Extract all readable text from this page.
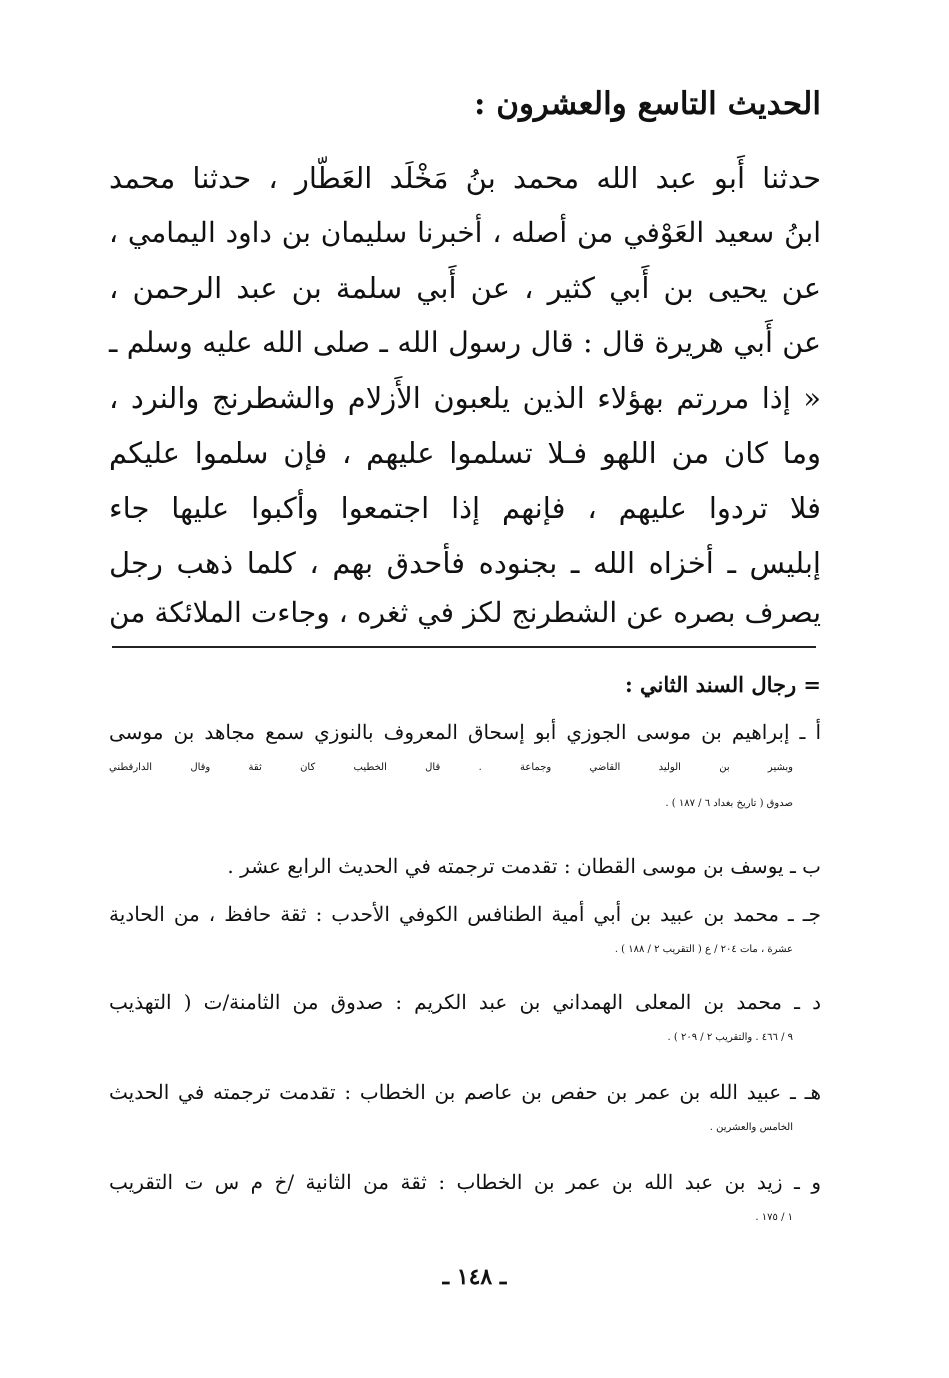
الحديث التاسع والعشرون :
حدثنا أَبو عبد الله محمد بنُ مَخْلَد العَطّار ، حدثنا محمد
ابنُ سعيد العَوْفي من أصله ، أخبرنا سليمان بن داود اليمامي ،
عن يحيى بن أَبي كثير ، عن أَبي سلمة بن عبد الرحمن ،
عن أَبي هريرة قال : قال رسول الله ـ صلى الله عليه وسلم ـ
« إذا مررتم بهؤلاء الذين يلعبون الأَزلام والشطرنج والنرد ،
وما كان من اللهو فـلا تسلموا عليهم ، فإن سلموا عليكم
فلا تردوا عليهم ، فإنهم إذا اجتمعوا وأكبوا عليها جاء
إبليس ـ أخزاه الله ـ بجنوده فأحدق بهم ، كلما ذهب رجل
يصرف بصره عن الشطرنج لكز في ثغره ، وجاءت الملائكة من
= رجال السند الثاني :
أ ـ إبراهيم بن موسى الجوزي أبو إسحاق المعروف بالنوزي سمع مجاهد بن موسى
وبشير بن الوليد القاضي وجماعة . قال الخطيب كان ثقة وقال الدارقطني
صدوق ( تاريخ بغداد ٦ / ١٨٧ ) .
ب ـ يوسف بن موسى القطان : تقدمت ترجمته في الحديث الرابع عشر .
جـ ـ محمد بن عبيد بن أبي أمية الطنافس الكوفي الأحدب : ثقة حافظ ، من الحادية
عشرة ، مات ٢٠٤ / ع ( التقريب ٢ / ١٨٨ ) .
د ـ محمد بن المعلى الهمداني بن عبد الكريم : صدوق من الثامنة/ت ( التهذيب
٩ / ٤٦٦ . والتقريب ٢ / ٢٠٩ ) .
هـ ـ عبيد الله بن عمر بن حفص بن عاصم بن الخطاب : تقدمت ترجمته في الحديث
الخامس والعشرين .
و ـ زيد بن عبد الله بن عمر بن الخطاب : ثقة من الثانية /خ م س ت التقريب
١ / ١٧٥ .
ـ ١٤٨ ـ
